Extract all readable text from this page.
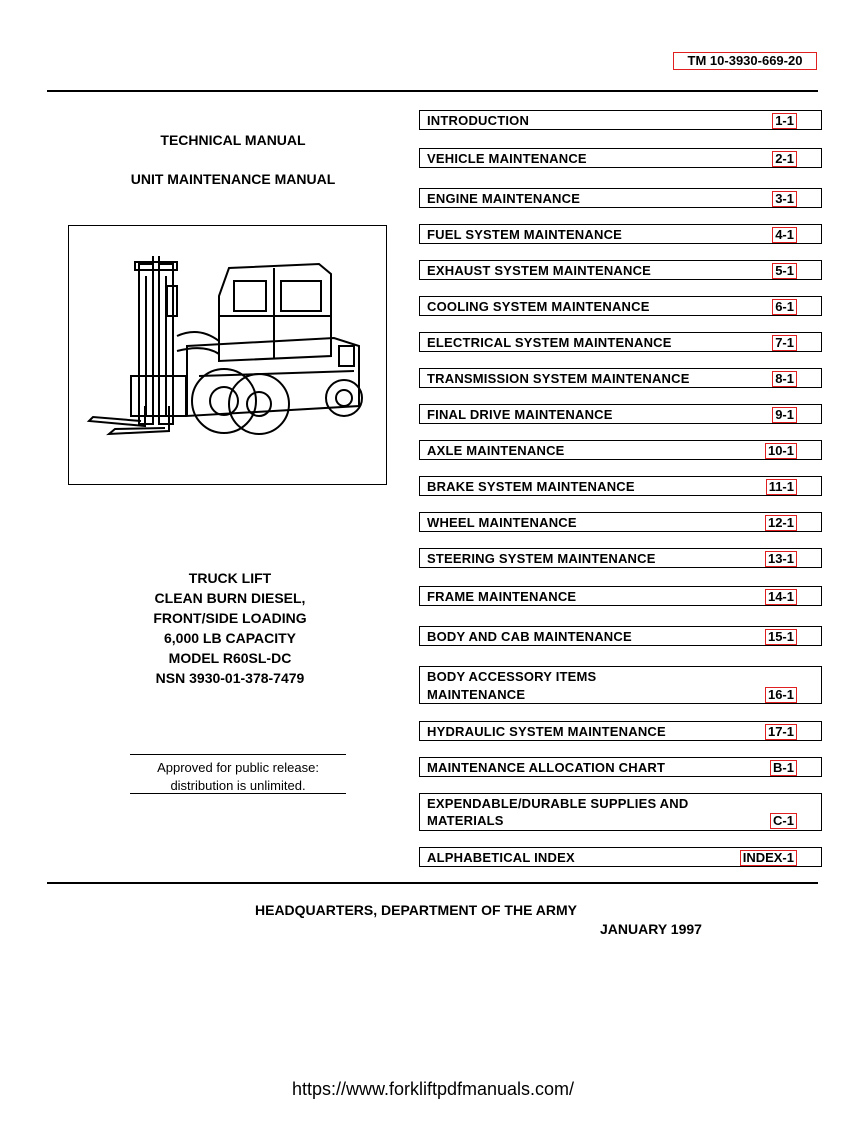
TM 10-3930-669-20
TECHNICAL MANUAL
UNIT MAINTENANCE MANUAL
TRUCK LIFT
CLEAN BURN DIESEL,
FRONT/SIDE LOADING
6,000 LB CAPACITY
MODEL R60SL-DC
NSN 3930-01-378-7479
Approved for public release:
distribution is unlimited.
INTRODUCTION	1-1
VEHICLE MAINTENANCE	2-1
ENGINE MAINTENANCE	3-1
FUEL SYSTEM MAINTENANCE	4-1
EXHAUST SYSTEM MAINTENANCE	5-1
COOLING SYSTEM MAINTENANCE	6-1
ELECTRICAL SYSTEM MAINTENANCE	7-1
TRANSMISSION SYSTEM MAINTENANCE	8-1
FINAL DRIVE MAINTENANCE	9-1
AXLE MAINTENANCE	10-1
BRAKE SYSTEM MAINTENANCE	11-1
WHEEL MAINTENANCE	12-1
STEERING SYSTEM MAINTENANCE	13-1
FRAME MAINTENANCE	14-1
BODY AND CAB MAINTENANCE	15-1
BODY ACCESSORY ITEMS
MAINTENANCE	16-1
HYDRAULIC SYSTEM MAINTENANCE	17-1
MAINTENANCE ALLOCATION CHART	B-1
EXPENDABLE/DURABLE SUPPLIES AND
MATERIALS	C-1
ALPHABETICAL INDEX	INDEX-1
HEADQUARTERS, DEPARTMENT OF THE ARMY
JANUARY 1997
https://www.forkliftpdfmanuals.com/
